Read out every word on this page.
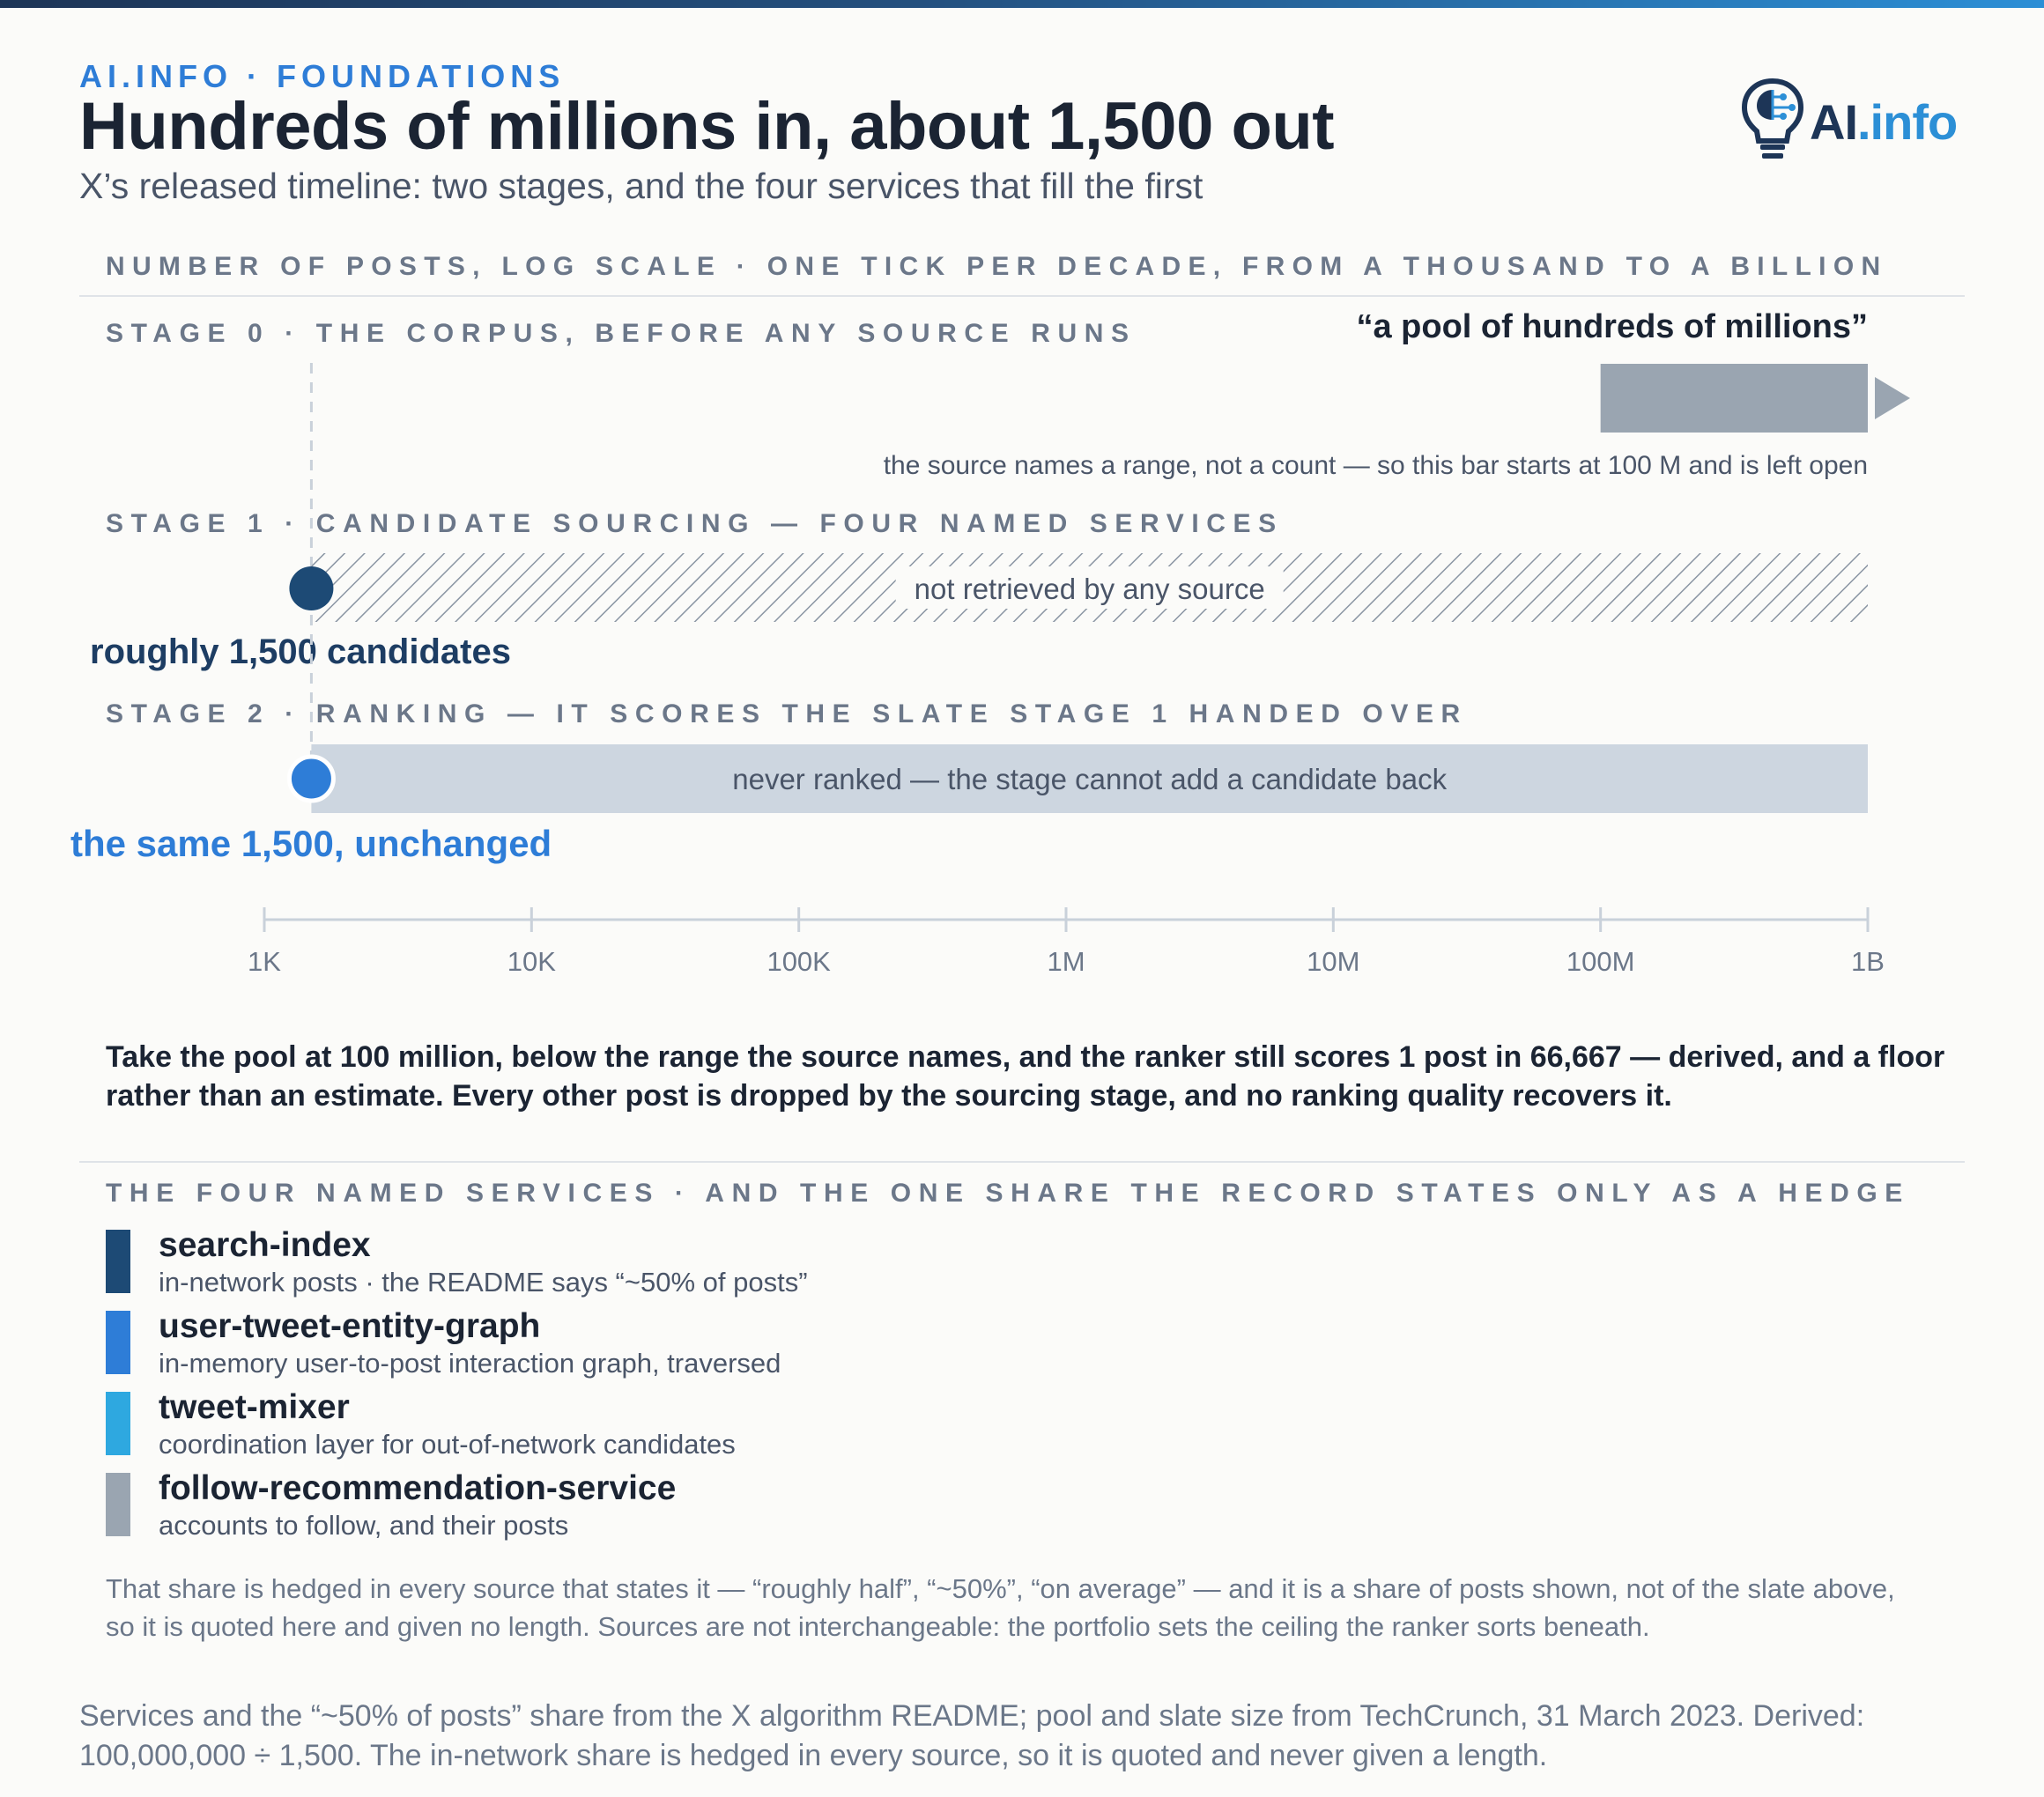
AI.INFO · FOUNDATIONS
Hundreds of millions in, about 1,500 out
X’s released timeline: two stages, and the four services that fill the first
AI.info
NUMBER OF POSTS, LOG SCALE · ONE TICK PER DECADE, FROM A THOUSAND TO A BILLION
STAGE 0 · THE CORPUS, BEFORE ANY SOURCE RUNS	“a pool of hundreds of millions”
the source names a range, not a count — so this bar starts at 100 M and is left open
STAGE 1 · CANDIDATE SOURCING — FOUR NAMED SERVICES
roughly 1,500 candidates
STAGE 2 · RANKING — IT SCORES THE SLATE STAGE 1 HANDED OVER
the same 1,500, unchanged
not retrieved by any source
never ranked — the stage cannot add a candidate back
1K	10K	100K	1M	10M	100M	1B
Take the pool at 100 million, below the range the source names, and the ranker still scores 1 post in 66,667 — derived, and a floor rather than an estimate. Every other post is dropped by the sourcing stage, and no ranking quality recovers it.
THE FOUR NAMED SERVICES · AND THE ONE SHARE THE RECORD STATES ONLY AS A HEDGE
search-index
in-network posts · the README says “~50% of posts”
user-tweet-entity-graph
in-memory user-to-post interaction graph, traversed
tweet-mixer
coordination layer for out-of-network candidates
follow-recommendation-service
accounts to follow, and their posts
That share is hedged in every source that states it — “roughly half”, “~50%”, “on average” — and it is a share of posts shown, not of the slate above, so it is quoted here and given no length. Sources are not interchangeable: the portfolio sets the ceiling the ranker sorts beneath.
Services and the “~50% of posts” share from the X algorithm README; pool and slate size from TechCrunch, 31 March 2023. Derived: 100,000,000 ÷ 1,500. The in-network share is hedged in every source, so it is quoted and never given a length.
